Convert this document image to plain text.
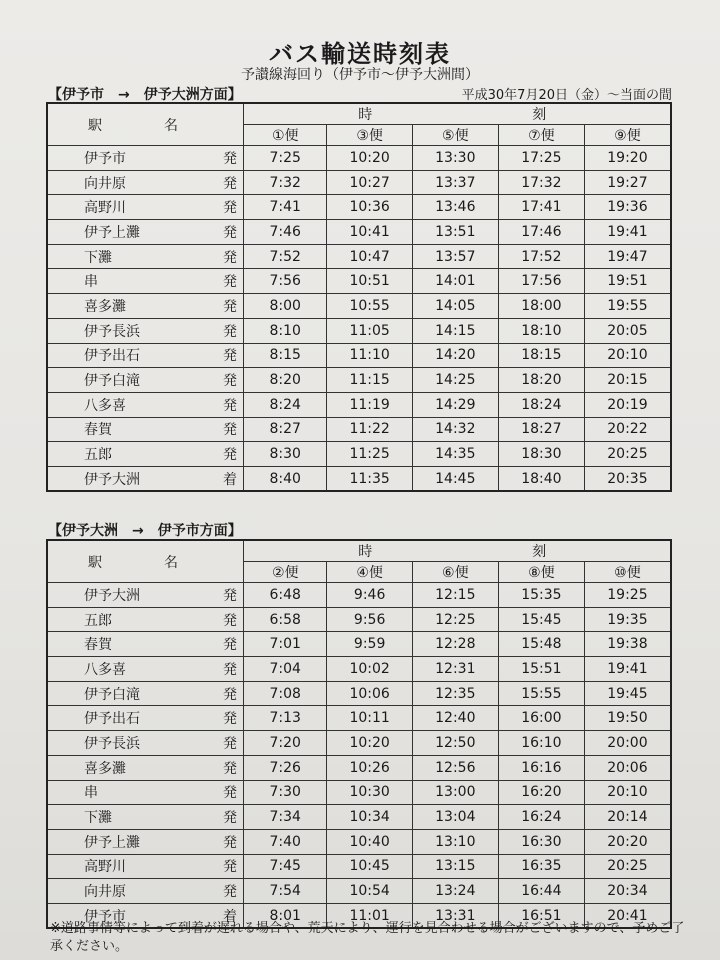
バス輸送時刻表
予讃線海回り（伊予市～伊予大洲間）
【伊予市　→　伊予大洲方面】	平成30年7月20日（金）～当面の間
駅　名		時		刻		
		①便	③便	⑤便	⑦便	⑨便
伊予市	発	7:25	10:20	13:30	17:25	19:20
向井原	発	7:32	10:27	13:37	17:32	19:27
高野川	発	7:41	10:36	13:46	17:41	19:36
伊予上灘	発	7:46	10:41	13:51	17:46	19:41
下灘	発	7:52	10:47	13:57	17:52	19:47
串	発	7:56	10:51	14:01	17:56	19:51
喜多灘	発	8:00	10:55	14:05	18:00	19:55
伊予長浜	発	8:10	11:05	14:15	18:10	20:05
伊予出石	発	8:15	11:10	14:20	18:15	20:10
伊予白滝	発	8:20	11:15	14:25	18:20	20:15
八多喜	発	8:24	11:19	14:29	18:24	20:19
春賀	発	8:27	11:22	14:32	18:27	20:22
五郎	発	8:30	11:25	14:35	18:30	20:25
伊予大洲	着	8:40	11:35	14:45	18:40	20:35
【伊予大洲　→　伊予市方面】
駅　名		時		刻		
		②便	④便	⑥便	⑧便	⑩便
伊予大洲	発	6:48	9:46	12:15	15:35	19:25
五郎	発	6:58	9:56	12:25	15:45	19:35
春賀	発	7:01	9:59	12:28	15:48	19:38
八多喜	発	7:04	10:02	12:31	15:51	19:41
伊予白滝	発	7:08	10:06	12:35	15:55	19:45
伊予出石	発	7:13	10:11	12:40	16:00	19:50
伊予長浜	発	7:20	10:20	12:50	16:10	20:00
喜多灘	発	7:26	10:26	12:56	16:16	20:06
串	発	7:30	10:30	13:00	16:20	20:10
下灘	発	7:34	10:34	13:04	16:24	20:14
伊予上灘	発	7:40	10:40	13:10	16:30	20:20
高野川	発	7:45	10:45	13:15	16:35	20:25
向井原	発	7:54	10:54	13:24	16:44	20:34
伊予市	着	8:01	11:01	13:31	16:51	20:41
※道路事情等によって到着が遅れる場合や、荒天により、運行を見合わせる場合がございますので、予めご了承ください。
